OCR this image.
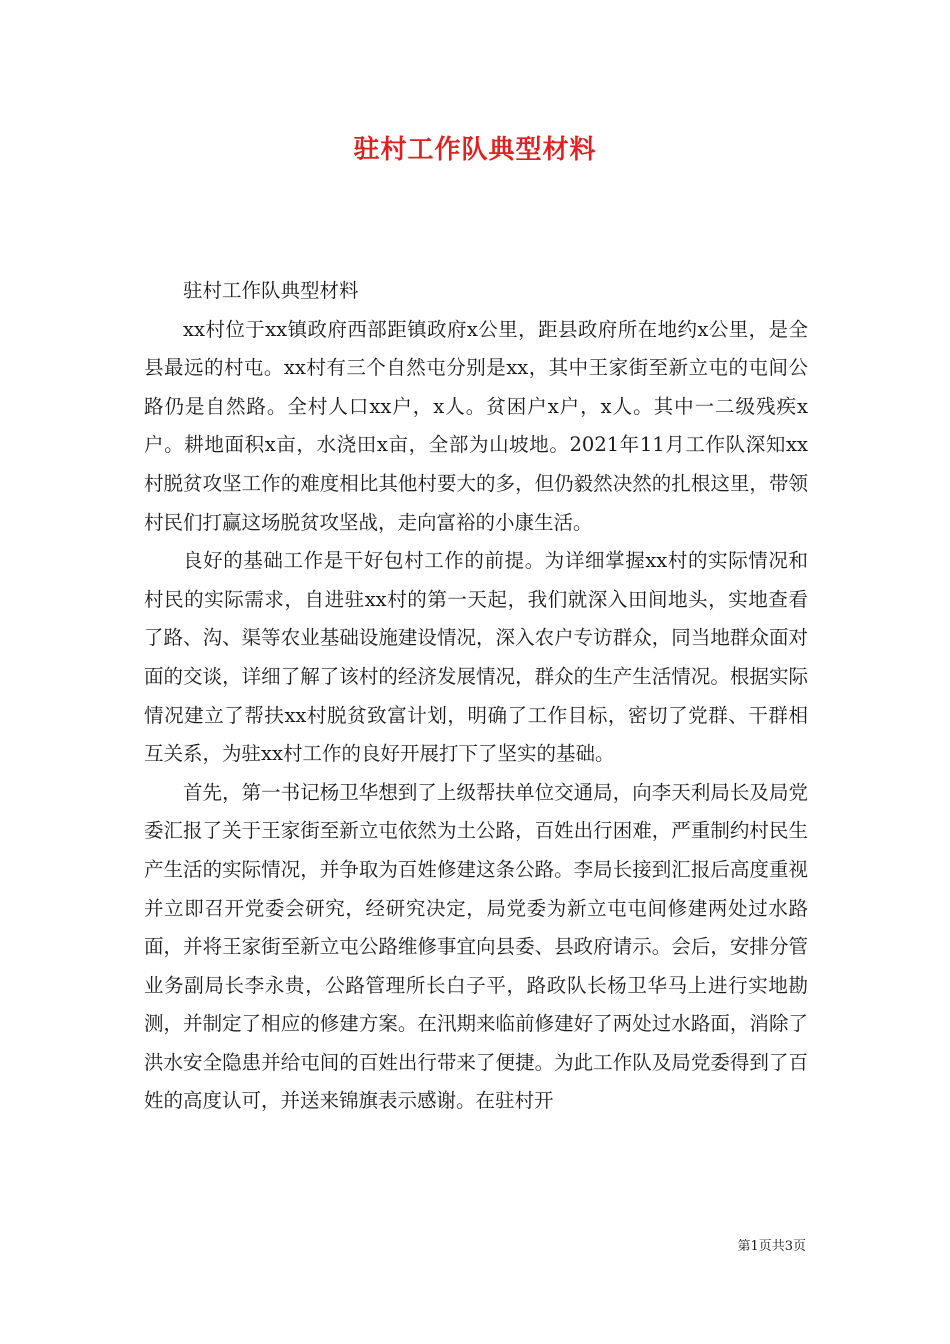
驻村工作队典型材料

驻村工作队典型材料

xx村位于xx镇政府西部距镇政府x公里，距县政府所在地约x公里，是全县最远的村屯。xx村有三个自然屯分别是xx，其中王家街至新立屯的屯间公路仍是自然路。全村人口xx户，x人。贫困户x户，x人。其中一二级残疾x户。耕地面积x亩，水浇田x亩，全部为山坡地。2021年11月工作队深知xx村脱贫攻坚工作的难度相比其他村要大的多，但仍毅然决然的扎根这里，带领村民们打赢这场脱贫攻坚战，走向富裕的小康生活。

良好的基础工作是干好包村工作的前提。为详细掌握xx村的实际情况和村民的实际需求，自进驻xx村的第一天起，我们就深入田间地头，实地查看了路、沟、渠等农业基础设施建设情况，深入农户专访群众，同当地群众面对面的交谈，详细了解了该村的经济发展情况，群众的生产生活情况。根据实际情况建立了帮扶xx村脱贫致富计划，明确了工作目标，密切了党群、干群相互关系，为驻xx村工作的良好开展打下了坚实的基础。

首先，第一书记杨卫华想到了上级帮扶单位交通局，向李天利局长及局党委汇报了关于王家街至新立屯依然为土公路，百姓出行困难，严重制约村民生产生活的实际情况，并争取为百姓修建这条公路。李局长接到汇报后高度重视并立即召开党委会研究，经研究决定，局党委为新立屯屯间修建两处过水路面，并将王家街至新立屯公路维修事宜向县委、县政府请示。会后，安排分管业务副局长李永贵，公路管理所长白子平，路政队长杨卫华马上进行实地勘测，并制定了相应的修建方案。在汛期来临前修建好了两处过水路面，消除了洪水安全隐患并给屯间的百姓出行带来了便捷。为此工作队及局党委得到了百姓的高度认可，并送来锦旗表示感谢。在驻村开

第1页共3页
